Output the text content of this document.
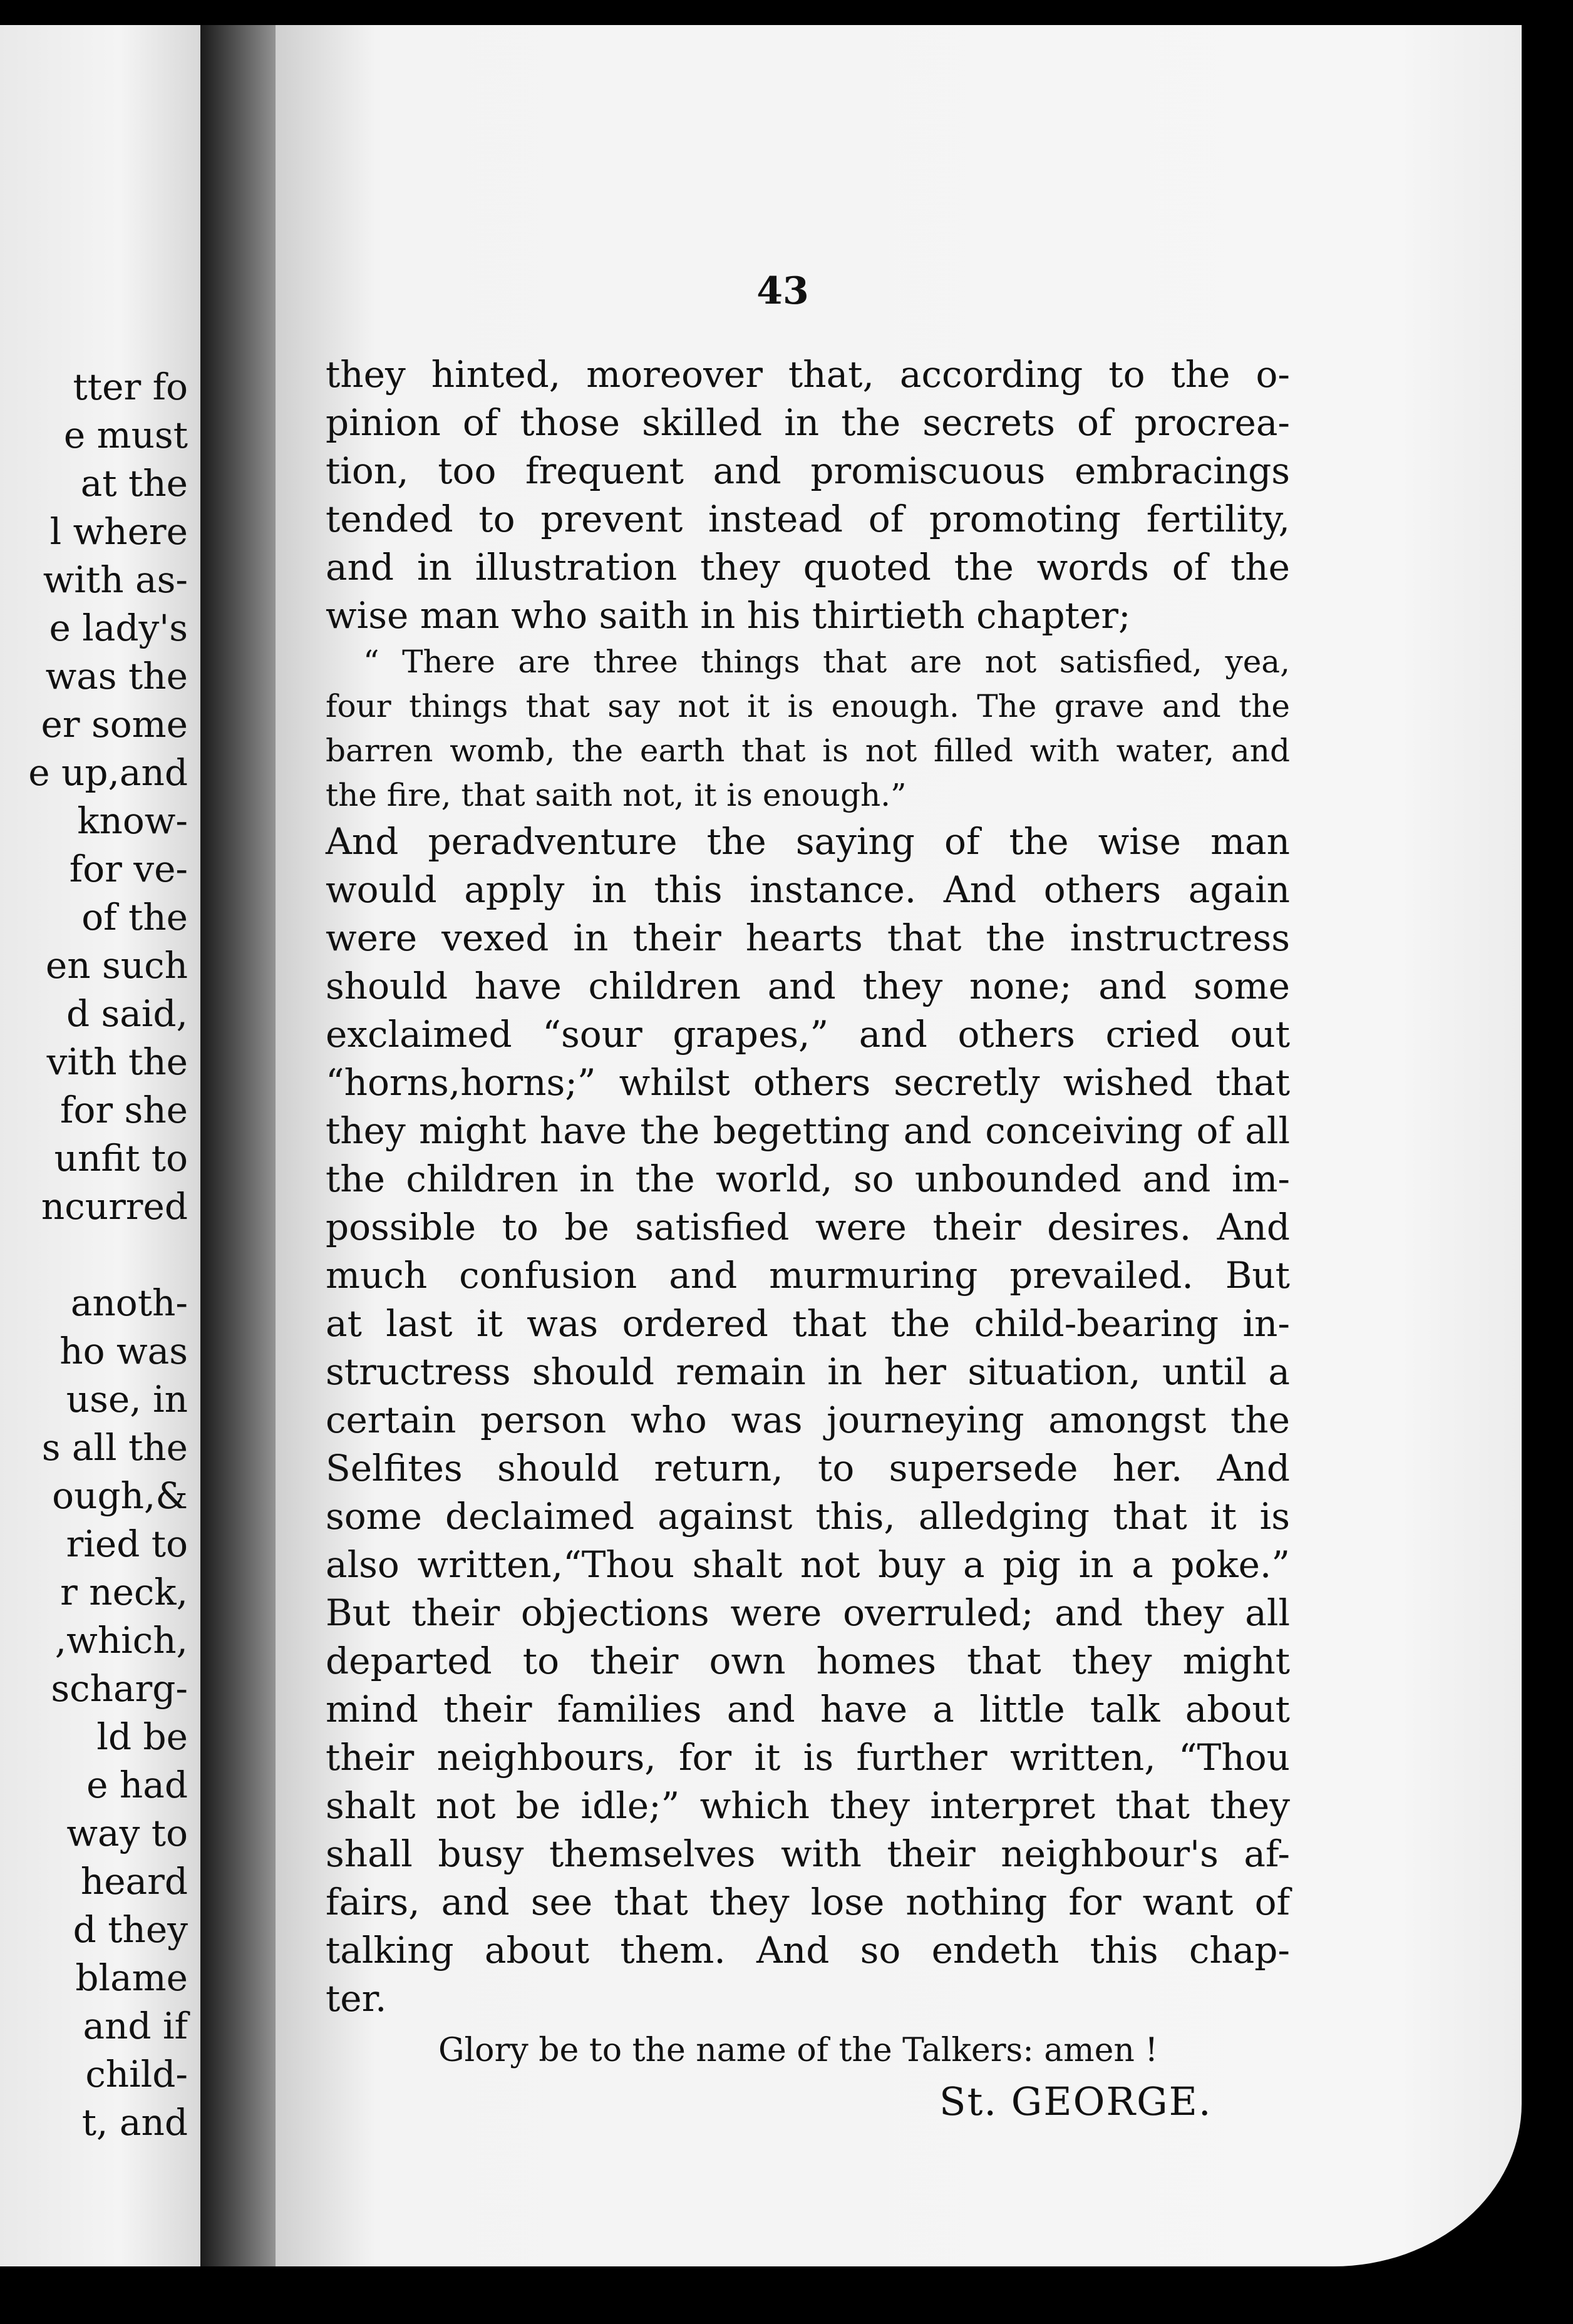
tter fo
e must
at the
l where
with as-
e lady's
was the
er some
e up,and
know-
for ve-
of the
en such
d said,
vith the
for she
unfit to
ncurred
anoth-
ho was
use, in
s all the
ough,&
ried to
r neck,
,which,
scharg-
ld be
e had
way to
heard
d they
blame
and if
child-
t, and
43
they hinted, moreover that, according to the o-
pinion of those skilled in the secrets of procrea-
tion, too frequent and promiscuous embracings
tended to prevent instead of promoting fertility,
and in illustration they quoted the words of the
wise man who saith in his thirtieth chapter;
“ There are three things that are not satisfied, yea,
four things that say not it is enough. The grave and the
barren womb, the earth that is not filled with water, and
the fire, that saith not, it is enough.”
And peradventure the saying of the wise man
would apply in this instance. And others again
were vexed in their hearts that the instructress
should have children and they none; and some
exclaimed “sour grapes,” and others cried out
“horns,horns;” whilst others secretly wished that
they might have the begetting and conceiving of all
the children in the world, so unbounded and im-
possible to be satisfied were their desires. And
much confusion and murmuring prevailed. But
at last it was ordered that the child-bearing in-
structress should remain in her situation, until a
certain person who was journeying amongst the
Selfites should return, to supersede her. And
some declaimed against this, alledging that it is
also written,“Thou shalt not buy a pig in a poke.”
But their objections were overruled; and they all
departed to their own homes that they might
mind their families and have a little talk about
their neighbours, for it is further written, “Thou
shalt not be idle;” which they interpret that they
shall busy themselves with their neighbour's af-
fairs, and see that they lose nothing for want of
talking about them. And so endeth this chap-
ter.
Glory be to the name of the Talkers: amen !
St. GEORGE.
